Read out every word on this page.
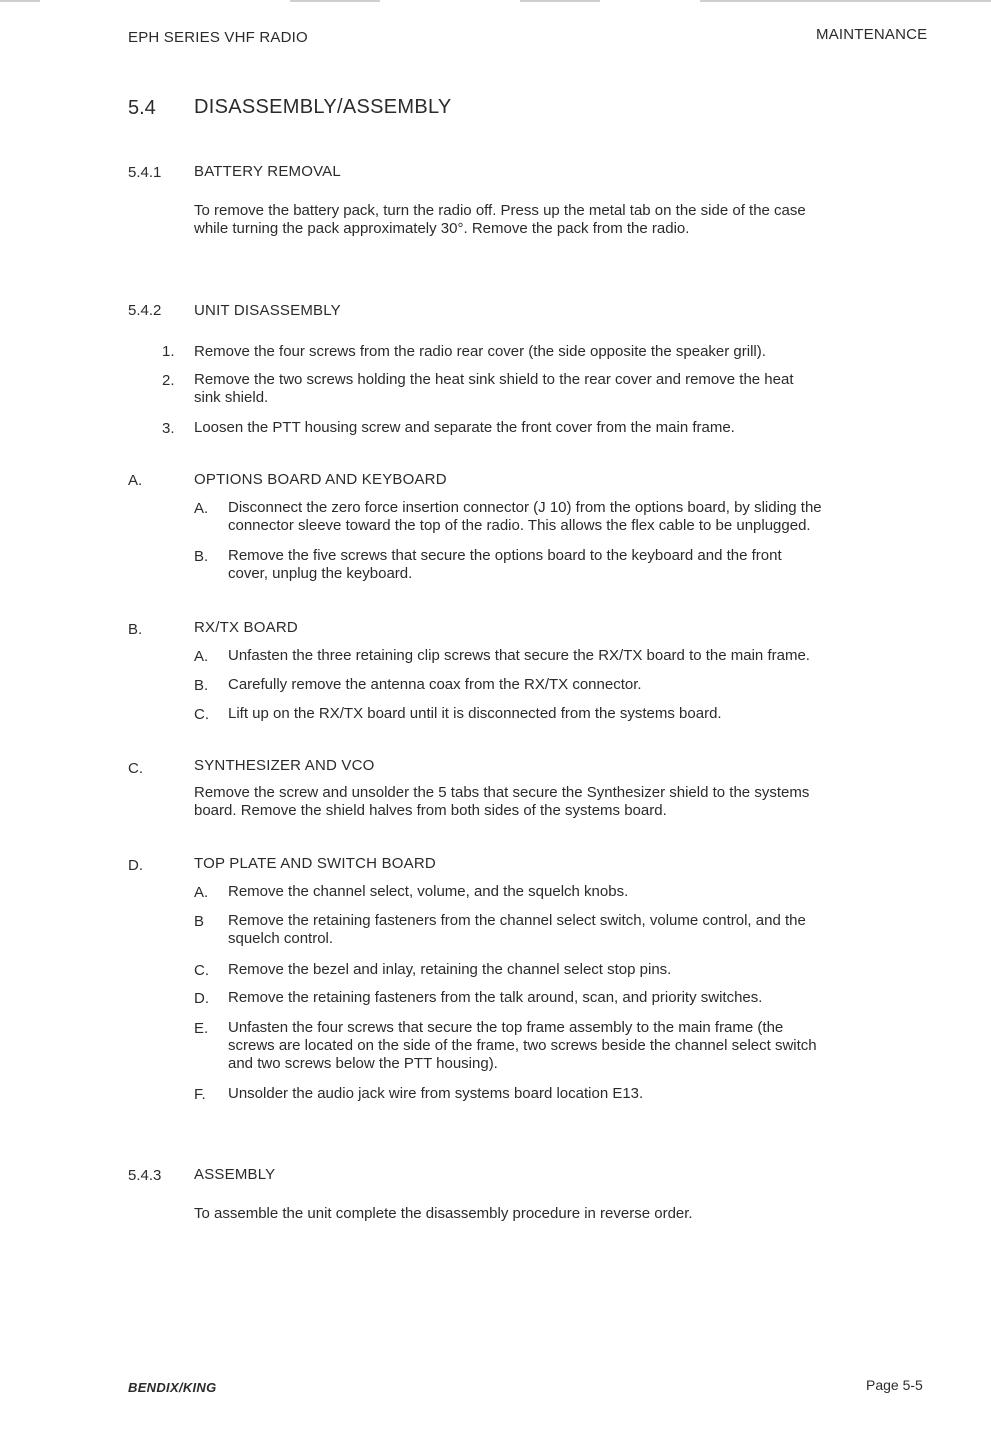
EPH SERIES VHF RADIO	MAINTENANCE
5.4 DISASSEMBLY/ASSEMBLY
5.4.1 BATTERY REMOVAL
To remove the battery pack, turn the radio off. Press up the metal tab on the side of the case
while turning the pack approximately 30°. Remove the pack from the radio.
5.4.2 UNIT DISASSEMBLY
1. Remove the four screws from the radio rear cover (the side opposite the speaker grill).
2. Remove the two screws holding the heat sink shield to the rear cover and remove the heat
sink shield.
3. Loosen the PTT housing screw and separate the front cover from the main frame.
A.	OPTIONS BOARD AND KEYBOARD
A. Disconnect the zero force insertion connector (J 10) from the options board, by sliding the
connector sleeve toward the top of the radio. This allows the flex cable to be unplugged.
B. Remove the five screws that secure the options board to the keyboard and the front
cover, unplug the keyboard.
B.	RX/TX BOARD
A. Unfasten the three retaining clip screws that secure the RX/TX board to the main frame.
B. Carefully remove the antenna coax from the RX/TX connector.
C. Lift up on the RX/TX board until it is disconnected from the systems board.
C.	SYNTHESIZER AND VCO
Remove the screw and unsolder the 5 tabs that secure the Synthesizer shield to the systems
board. Remove the shield halves from both sides of the systems board.
D.	TOP PLATE AND SWITCH BOARD
A. Remove the channel select, volume, and the squelch knobs.
B Remove the retaining fasteners from the channel select switch, volume control, and the
squelch control.
C. Remove the bezel and inlay, retaining the channel select stop pins.
D. Remove the retaining fasteners from the talk around, scan, and priority switches.
E. Unfasten the four screws that secure the top frame assembly to the main frame (the
screws are located on the side of the frame, two screws beside the channel select switch
and two screws below the PTT housing).
F. Unsolder the audio jack wire from systems board location E13.
5.4.3 ASSEMBLY
To assemble the unit complete the disassembly procedure in reverse order.
BENDIX/KING	Page 5-5
